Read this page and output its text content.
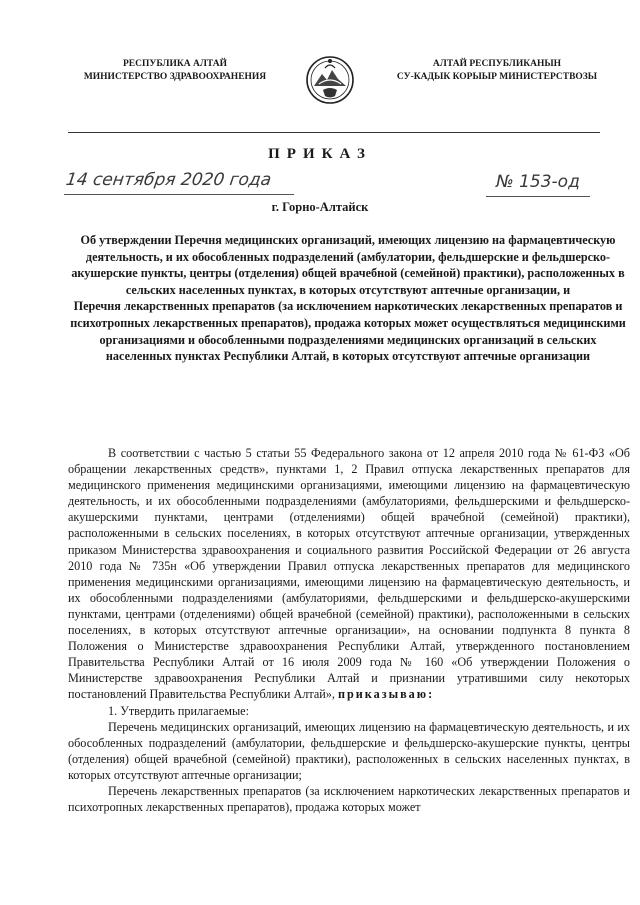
РЕСПУБЛИКА АЛТАЙ
МИНИСТЕРСТВО ЗДРАВООХРАНЕНИЯ
АЛТАЙ РЕСПУБЛИКАНЫН
СУ-КАДЫК КОРЫЫР МИНИСТЕРСТВОЗЫ
ПРИКАЗ
14 сентября 2020 года	№ 153-од
г. Горно-Алтайск

Об утверждении Перечня медицинских организаций, имеющих лицензию на фармацевтическую деятельность, и их обособленных подразделений (амбулатории, фельдшерские и фельдшерско-акушерские пункты, центры (отделения) общей врачебной (семейной) практики), расположенных в сельских населенных пунктах, в которых отсутствуют аптечные организации, и

Перечня лекарственных препаратов (за исключением наркотических лекарственных препаратов и психотропных лекарственных препаратов), продажа которых может осуществляться медицинскими организациями и обособленными подразделениями медицинских организаций в сельских населенных пунктах Республики Алтай, в которых отсутствуют аптечные организации

В соответствии с частью 5 статьи 55 Федерального закона от 12 апреля 2010 года № 61-ФЗ «Об обращении лекарственных средств», пунктами 1, 2 Правил отпуска лекарственных препаратов для медицинского применения медицинскими организациями, имеющими лицензию на фармацевтическую деятельность, и их обособленными подразделениями (амбулаториями, фельдшерскими и фельдшерско-акушерскими пунктами, центрами (отделениями) общей врачебной (семейной) практики), расположенными в сельских поселениях, в которых отсутствуют аптечные организации, утвержденных приказом Министерства здравоохранения и социального развития Российской Федерации от 26 августа 2010 года № 735н «Об утверждении Правил отпуска лекарственных препаратов для медицинского применения медицинскими организациями, имеющими лицензию на фармацевтическую деятельность, и их обособленными подразделениями (амбулаториями, фельдшерскими и фельдшерско-акушерскими пунктами, центрами (отделениями) общей врачебной (семейной) практики), расположенными в сельских поселениях, в которых отсутствуют аптечные организации», на основании подпункта 8 пункта 8 Положения о Министерстве здравоохранения Республики Алтай, утвержденного постановлением Правительства Республики Алтай от 16 июля 2009 года № 160 «Об утверждении Положения о Министерстве здравоохранения Республики Алтай и признании утратившими силу некоторых постановлений Правительства Республики Алтай», приказываю:

1. Утвердить прилагаемые:

Перечень медицинских организаций, имеющих лицензию на фармацевтическую деятельность, и их обособленных подразделений (амбулатории, фельдшерские и фельдшерско-акушерские пункты, центры (отделения) общей врачебной (семейной) практики), расположенных в сельских населенных пунктах, в которых отсутствуют аптечные организации;

Перечень лекарственных препаратов (за исключением наркотических лекарственных препаратов и психотропных лекарственных препаратов), продажа которых может
